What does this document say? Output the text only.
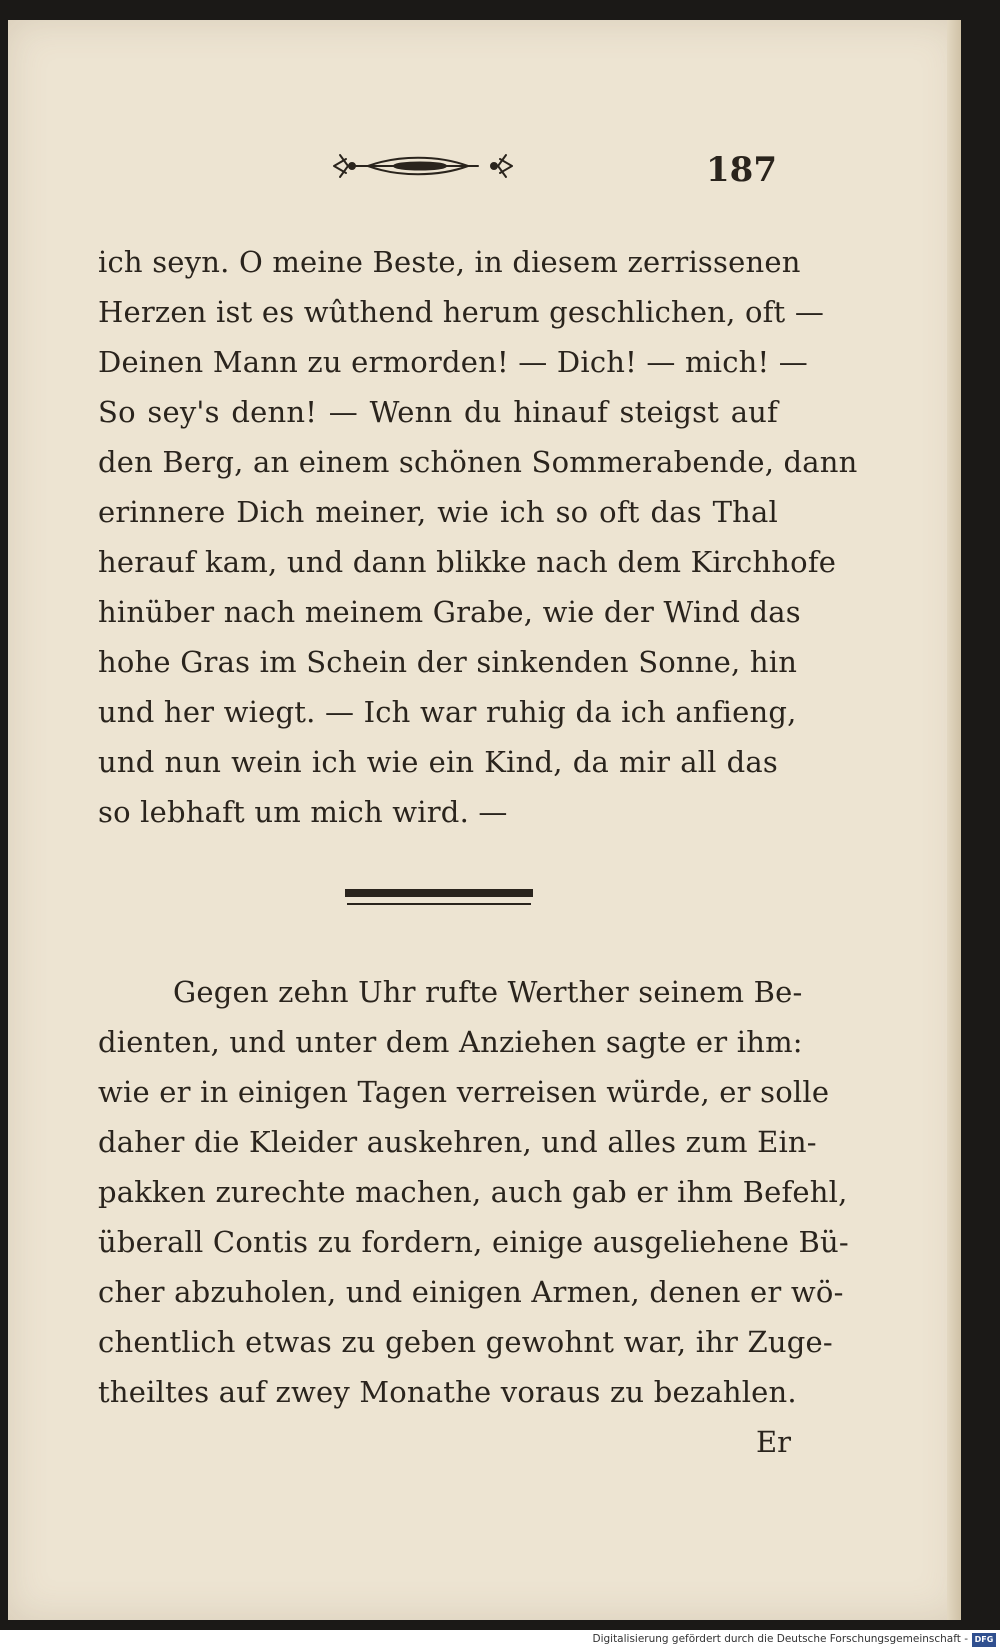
187
ich seyn. O meine Beste, in diesem zerrissenen
Herzen ist es wûthend herum geschlichen, oft —
Deinen Mann zu ermorden! — Dich! — mich! —
So sey's denn! — Wenn du hinauf steigst auf
den Berg, an einem schönen Sommerabende, dann
erinnere Dich meiner, wie ich so oft das Thal
herauf kam, und dann blikke nach dem Kirchhofe
hinüber nach meinem Grabe, wie der Wind das
hohe Gras im Schein der sinkenden Sonne, hin
und her wiegt. — Ich war ruhig da ich anfieng,
und nun wein ich wie ein Kind, da mir all das
so lebhaft um mich wird. —
Gegen zehn Uhr rufte Werther seinem Be-
dienten, und unter dem Anziehen sagte er ihm:
wie er in einigen Tagen verreisen würde, er solle
daher die Kleider auskehren, und alles zum Ein-
pakken zurechte machen, auch gab er ihm Befehl,
überall Contis zu fordern, einige ausgeliehene Bü-
cher abzuholen, und einigen Armen, denen er wö-
chentlich etwas zu geben gewohnt war, ihr Zuge-
theiltes auf zwey Monathe voraus zu bezahlen.
Er
Digitalisierung gefördert durch die Deutsche Forschungsgemeinschaft - DFG
